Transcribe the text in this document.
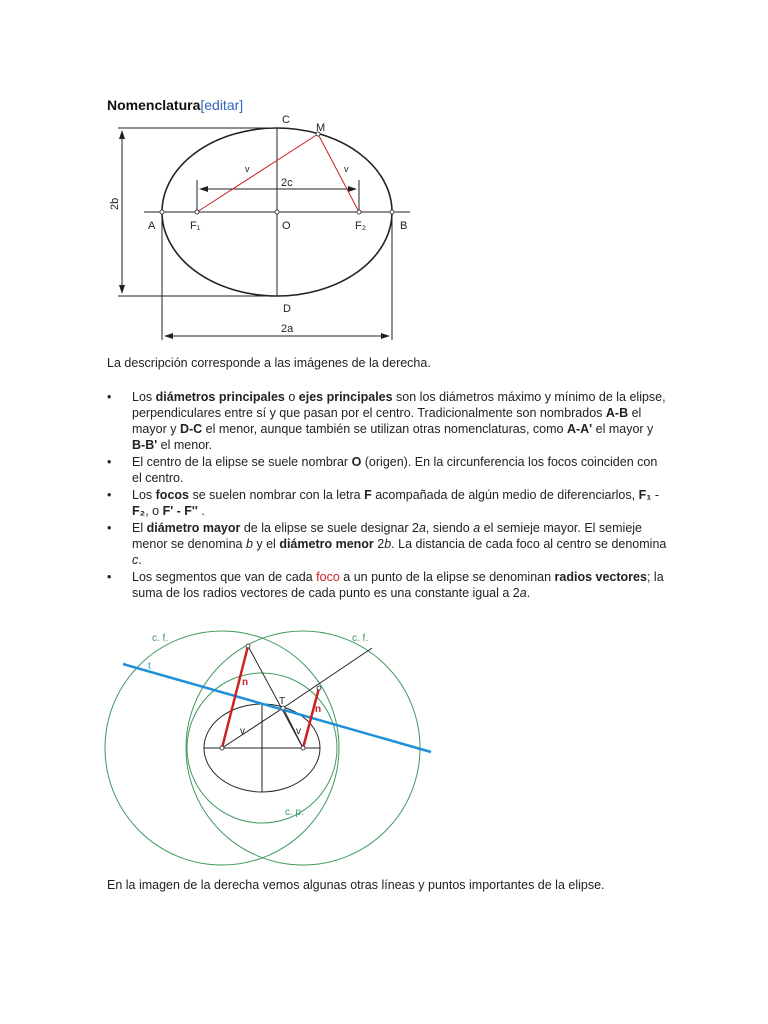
Nomenclatura[editar]
C
M
D
A	B
O
F₁	F₂
v	v
2c
2a
2b
La descripción corresponde a las imágenes de la derecha.
• Los diámetros principales o ejes principales son los diámetros máximo y mínimo de la elipse, perpendiculares entre sí y que pasan por el centro. Tradicionalmente son nombrados A-B el mayor y D-C el menor, aunque también se utilizan otras nomenclaturas, como A-A' el mayor y B-B' el menor.
• El centro de la elipse se suele nombrar O (origen). En la circunferencia los focos coinciden con el centro.
• Los focos se suelen nombrar con la letra F acompañada de algún medio de diferenciarlos, F₁ - F₂, o F' - F'' .
• El diámetro mayor de la elipse se suele designar 2a, siendo a el semieje mayor. El semieje menor se denomina b y el diámetro menor 2b. La distancia de cada foco al centro se denomina c.
• Los segmentos que van de cada foco a un punto de la elipse se denominan radios vectores; la suma de los radios vectores de cada punto es una constante igual a 2a.
c. f.	c. f.
t
T
n
n
v	v
c. p.
En la imagen de la derecha vemos algunas otras líneas y puntos importantes de la elipse.
